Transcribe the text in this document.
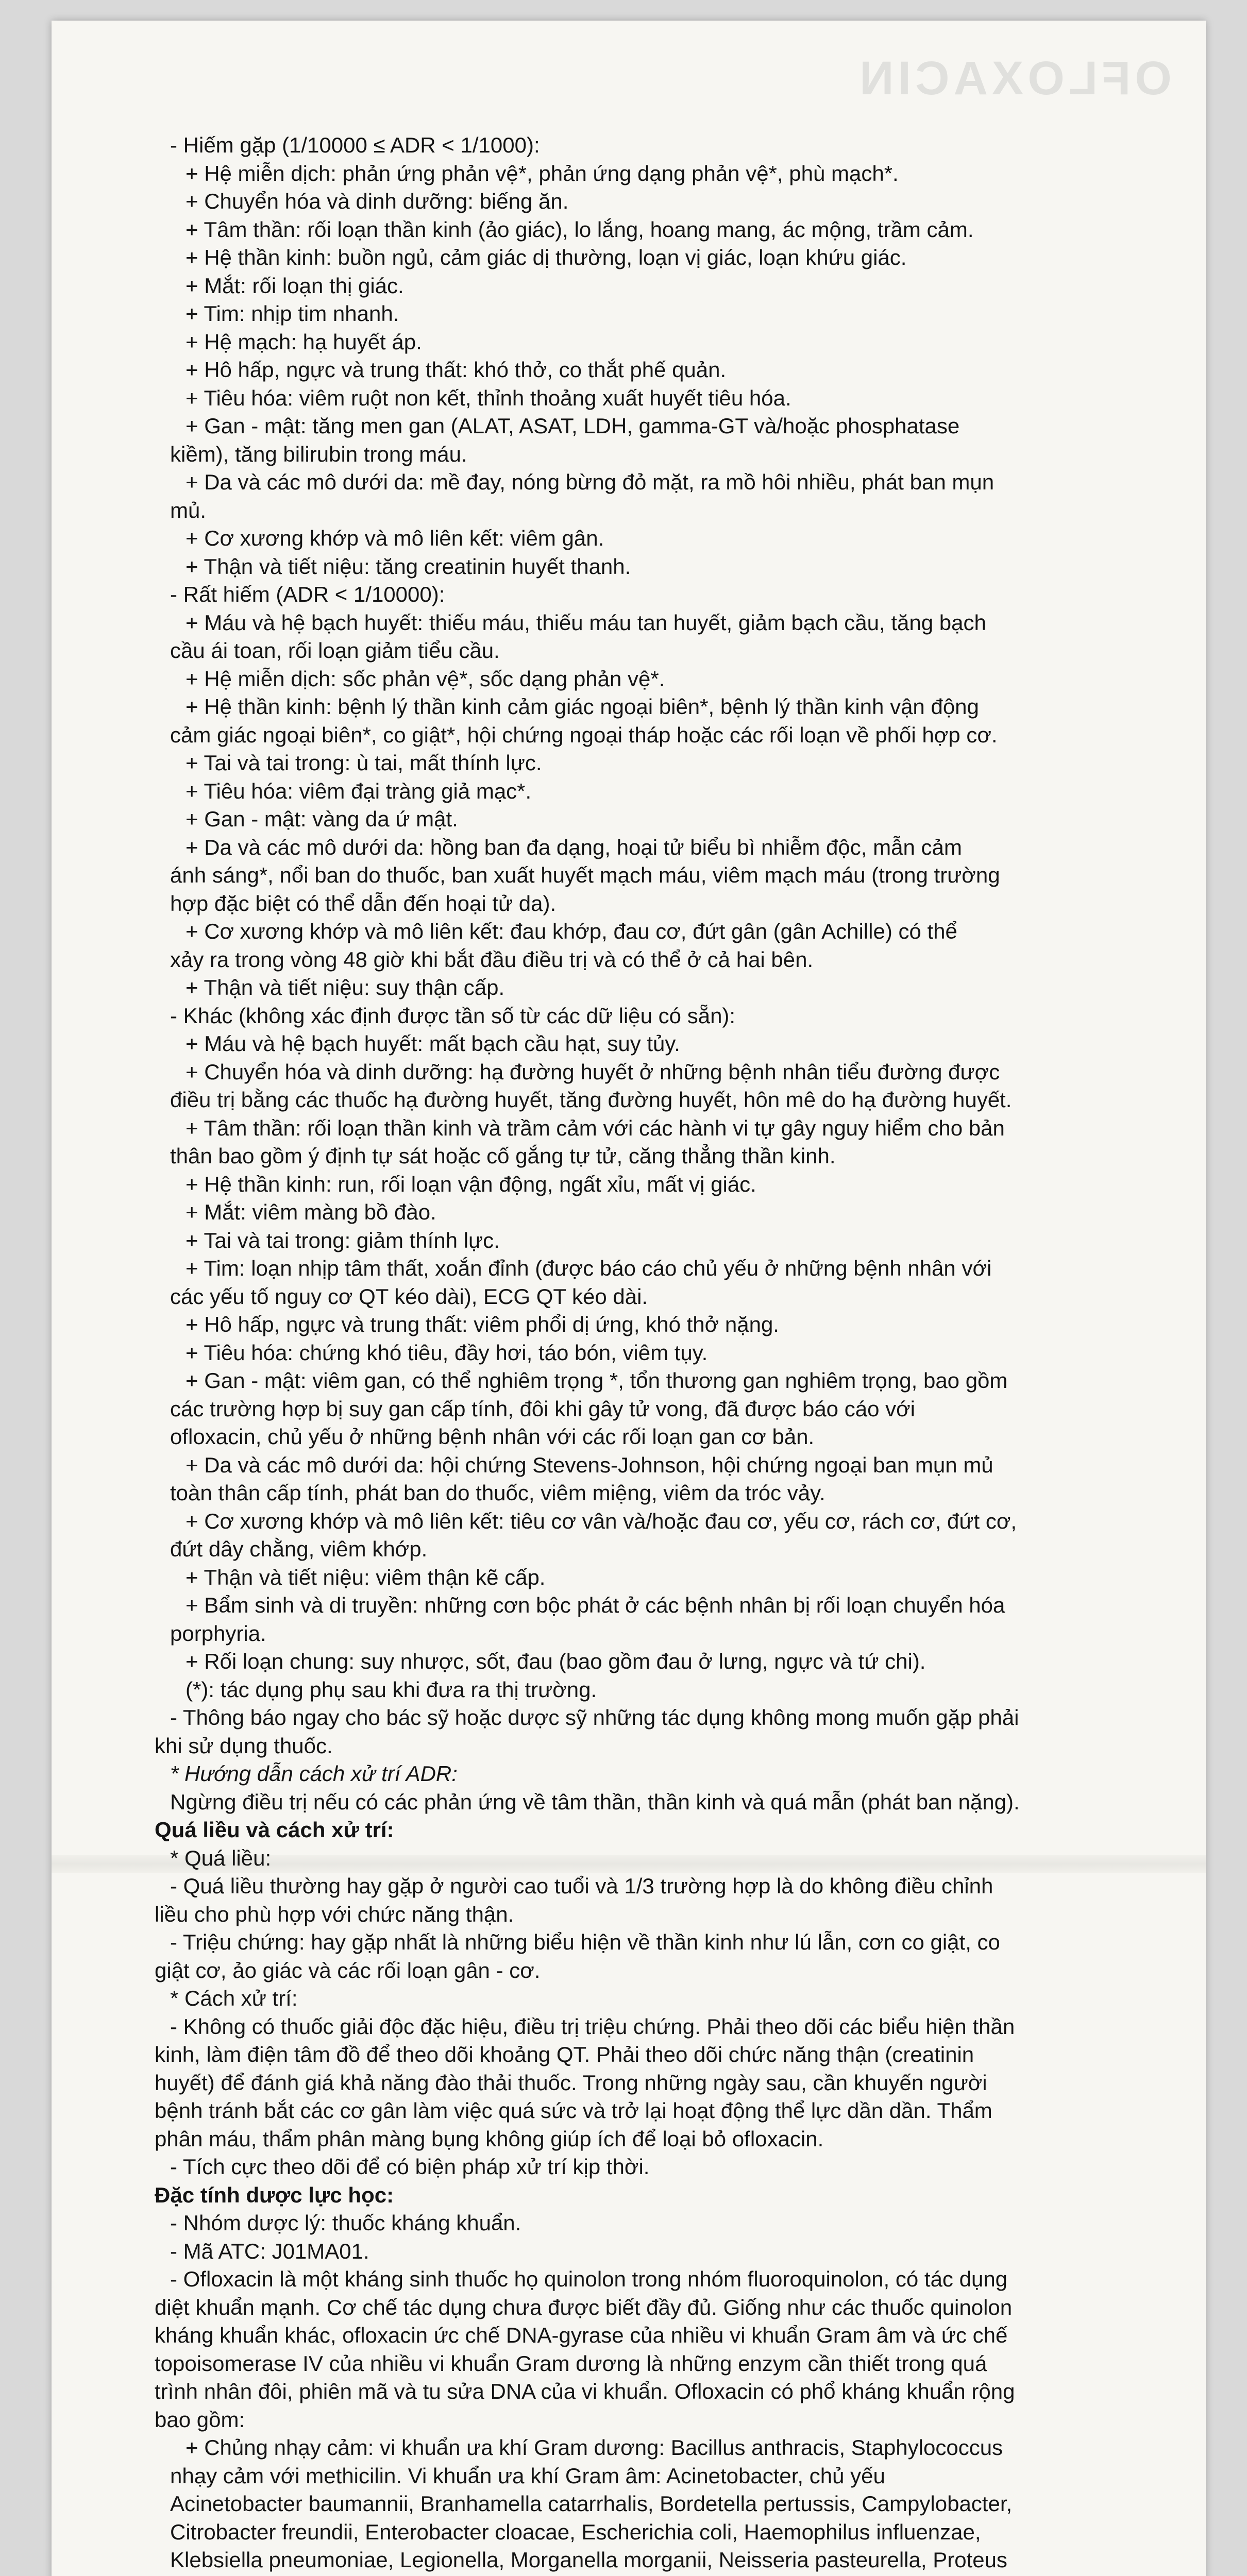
OFLOXACIN
- Hiếm gặp (1/10000 ≤ ADR < 1/1000):
+ Hệ miễn dịch: phản ứng phản vệ*, phản ứng dạng phản vệ*, phù mạch*.
+ Chuyển hóa và dinh dưỡng: biếng ăn.
+ Tâm thần: rối loạn thần kinh (ảo giác), lo lắng, hoang mang, ác mộng, trầm cảm.
+ Hệ thần kinh: buồn ngủ, cảm giác dị thường, loạn vị giác, loạn khứu giác.
+ Mắt: rối loạn thị giác.
+ Tim: nhịp tim nhanh.
+ Hệ mạch: hạ huyết áp.
+ Hô hấp, ngực và trung thất: khó thở, co thắt phế quản.
+ Tiêu hóa: viêm ruột non kết, thỉnh thoảng xuất huyết tiêu hóa.
+ Gan - mật: tăng men gan (ALAT, ASAT, LDH, gamma-GT và/hoặc phosphatase
kiềm), tăng bilirubin trong máu.
+ Da và các mô dưới da: mề đay, nóng bừng đỏ mặt, ra mồ hôi nhiều, phát ban mụn
mủ.
+ Cơ xương khớp và mô liên kết: viêm gân.
+ Thận và tiết niệu: tăng creatinin huyết thanh.
- Rất hiếm (ADR < 1/10000):
+ Máu và hệ bạch huyết: thiếu máu, thiếu máu tan huyết, giảm bạch cầu, tăng bạch
cầu ái toan, rối loạn giảm tiểu cầu.
+ Hệ miễn dịch: sốc phản vệ*, sốc dạng phản vệ*.
+ Hệ thần kinh: bệnh lý thần kinh cảm giác ngoại biên*, bệnh lý thần kinh vận động
cảm giác ngoại biên*, co giật*, hội chứng ngoại tháp hoặc các rối loạn về phối hợp cơ.
+ Tai và tai trong: ù tai, mất thính lực.
+ Tiêu hóa: viêm đại tràng giả mạc*.
+ Gan - mật: vàng da ứ mật.
+ Da và các mô dưới da: hồng ban đa dạng, hoại tử biểu bì nhiễm độc, mẫn cảm
ánh sáng*, nổi ban do thuốc, ban xuất huyết mạch máu, viêm mạch máu (trong trường
hợp đặc biệt có thể dẫn đến hoại tử da).
+ Cơ xương khớp và mô liên kết: đau khớp, đau cơ, đứt gân (gân Achille) có thể
xảy ra trong vòng 48 giờ khi bắt đầu điều trị và có thể ở cả hai bên.
+ Thận và tiết niệu: suy thận cấp.
- Khác (không xác định được tần số từ các dữ liệu có sẵn):
+ Máu và hệ bạch huyết: mất bạch cầu hạt, suy tủy.
+ Chuyển hóa và dinh dưỡng: hạ đường huyết ở những bệnh nhân tiểu đường được
điều trị bằng các thuốc hạ đường huyết, tăng đường huyết, hôn mê do hạ đường huyết.
+ Tâm thần: rối loạn thần kinh và trầm cảm với các hành vi tự gây nguy hiểm cho bản
thân bao gồm ý định tự sát hoặc cố gắng tự tử, căng thẳng thần kinh.
+ Hệ thần kinh: run, rối loạn vận động, ngất xỉu, mất vị giác.
+ Mắt: viêm màng bồ đào.
+ Tai và tai trong: giảm thính lực.
+ Tim: loạn nhịp tâm thất, xoắn đỉnh (được báo cáo chủ yếu ở những bệnh nhân với
các yếu tố nguy cơ QT kéo dài), ECG QT kéo dài.
+ Hô hấp, ngực và trung thất: viêm phổi dị ứng, khó thở nặng.
+ Tiêu hóa: chứng khó tiêu, đầy hơi, táo bón, viêm tụy.
+ Gan - mật: viêm gan, có thể nghiêm trọng *, tổn thương gan nghiêm trọng, bao gồm
các trường hợp bị suy gan cấp tính, đôi khi gây tử vong, đã được báo cáo với
ofloxacin, chủ yếu ở những bệnh nhân với các rối loạn gan cơ bản.
+ Da và các mô dưới da: hội chứng Stevens-Johnson, hội chứng ngoại ban mụn mủ
toàn thân cấp tính, phát ban do thuốc, viêm miệng, viêm da tróc vảy.
+ Cơ xương khớp và mô liên kết: tiêu cơ vân và/hoặc đau cơ, yếu cơ, rách cơ, đứt cơ,
đứt dây chằng, viêm khớp.
+ Thận và tiết niệu: viêm thận kẽ cấp.
+ Bẩm sinh và di truyền: những cơn bộc phát ở các bệnh nhân bị rối loạn chuyển hóa
porphyria.
+ Rối loạn chung: suy nhược, sốt, đau (bao gồm đau ở lưng, ngực và tứ chi).
(*): tác dụng phụ sau khi đưa ra thị trường.
- Thông báo ngay cho bác sỹ hoặc dược sỹ những tác dụng không mong muốn gặp phải
khi sử dụng thuốc.
* Hướng dẫn cách xử trí ADR:
Ngừng điều trị nếu có các phản ứng về tâm thần, thần kinh và quá mẫn (phát ban nặng).
Quá liều và cách xử trí:
* Quá liều:
- Quá liều thường hay gặp ở người cao tuổi và 1/3 trường hợp là do không điều chỉnh
liều cho phù hợp với chức năng thận.
- Triệu chứng: hay gặp nhất là những biểu hiện về thần kinh như lú lẫn, cơn co giật, co
giật cơ, ảo giác và các rối loạn gân - cơ.
* Cách xử trí:
- Không có thuốc giải độc đặc hiệu, điều trị triệu chứng. Phải theo dõi các biểu hiện thần
kinh, làm điện tâm đồ để theo dõi khoảng QT. Phải theo dõi chức năng thận (creatinin
huyết) để đánh giá khả năng đào thải thuốc. Trong những ngày sau, cần khuyến người
bệnh tránh bắt các cơ gân làm việc quá sức và trở lại hoạt động thể lực dần dần. Thẩm
phân máu, thẩm phân màng bụng không giúp ích để loại bỏ ofloxacin.
- Tích cực theo dõi để có biện pháp xử trí kịp thời.
Đặc tính dược lực học:
- Nhóm dược lý: thuốc kháng khuẩn.
- Mã ATC: J01MA01.
- Ofloxacin là một kháng sinh thuốc họ quinolon trong nhóm fluoroquinolon, có tác dụng
diệt khuẩn mạnh. Cơ chế tác dụng chưa được biết đầy đủ. Giống như các thuốc quinolon
kháng khuẩn khác, ofloxacin ức chế DNA-gyrase của nhiều vi khuẩn Gram âm và ức chế
topoisomerase IV của nhiều vi khuẩn Gram dương là những enzym cần thiết trong quá
trình nhân đôi, phiên mã và tu sửa DNA của vi khuẩn. Ofloxacin có phổ kháng khuẩn rộng
bao gồm:
+ Chủng nhạy cảm: vi khuẩn ưa khí Gram dương: Bacillus anthracis, Staphylococcus
nhạy cảm với methicilin. Vi khuẩn ưa khí Gram âm: Acinetobacter, chủ yếu
Acinetobacter baumannii, Branhamella catarrhalis, Bordetella pertussis, Campylobacter,
Citrobacter freundii, Enterobacter cloacae, Escherichia coli, Haemophilus influenzae,
Klebsiella pneumoniae, Legionella, Morganella morganii, Neisseria pasteurella, Proteus
